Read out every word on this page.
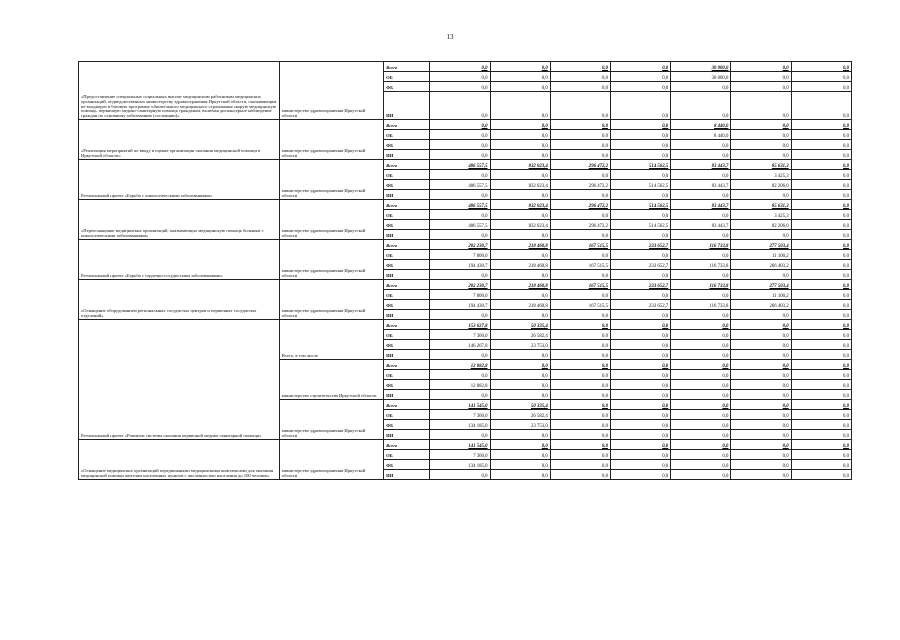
13
«Предоставление специальных социальных выплат медицинским работникам медицинских организаций, подведомственных министерству здравоохранения Иркутской области, оказывающим не входящую в базовую программу обязательного медицинского страхования скорую медицинскую помощь, первичную медико-санитарную помощь гражданам, включая диспансерное наблюдение граждан по основному заболеванию (состоянию)»	министерство здравоохранения Иркутской области	Всего	0,0	0,0	0,0	0,0	30 000,0	0,0	0,0
		ОБ	0,0	0,0	0,0	0,0	30 000,0	0,0	0,0
		ФБ	0,0	0,0	0,0	0,0	0,0	0,0	0,0
		ИИ	0,0	0,0	0,0	0,0	0,0	0,0	0,0
«Реализация мероприятий по вводу в оценке организации оказания медицинской помощи в Иркутской области»	министерство здравоохранения Иркутской области	Всего	0,0	0,0	0,0	0,0	8 440,0	0,0	0,0
		ОБ	0,0	0,0	0,0	0,0	8 440,0	0,0	0,0
		ФБ	0,0	0,0	0,0	0,0	0,0	0,0	0,0
		ИИ	0,0	0,0	0,0	0,0	0,0	0,0	0,0
Региональный проект «Борьба с онкологическими заболеваниями»	министерство здравоохранения Иркутской области	Всего	486 557,5	832 023,4	296 472,2	514 562,5	83 443,7	85 631,3	0,0
		ОБ	0,0	0,0	0,0	0,0	0,0	3 425,3	0,0
		ФБ	486 557,5	832 023,4	296 472,2	514 562,5	83 443,7	82 206,0	0,0
		ИИ	0,0	0,0	0,0	0,0	0,0	0,0	0,0
«Переоснащение медицинских организаций, оказывающих медицинскую помощь больным с онкологическими заболеваниями»	министерство здравоохранения Иркутской области	Всего	486 557,5	832 023,4	296 472,2	514 562,5	83 443,7	85 631,3	0,0
		ОБ	0,0	0,0	0,0	0,0	0,0	3 425,3	0,0
		ФБ	486 557,5	832 023,4	296 472,2	514 562,5	83 443,7	82 206,0	0,0
		ИИ	0,0	0,0	0,0	0,0	0,0	0,0	0,0
Региональный проект «Борьба с сердечно-сосудистыми заболеваниями»	министерство здравоохранения Иркутской области	Всего	202 230,7	218 460,8	167 515,5	233 652,7	116 733,8	277 503,4	0,0
		ОБ	7 800,0	0,0	0,0	0,0	0,0	11 100,2	0,0
		ФБ	194 430,7	218 460,8	167 515,5	233 652,7	116 733,8	266 403,2	0,0
		ИИ	0,0	0,0	0,0	0,0	0,0	0,0	0,0
«Оснащение оборудованием региональных сосудистых центров и первичных сосудистых отделений»	министерство здравоохранения Иркутской области	Всего	202 230,7	218 460,8	167 515,5	233 652,7	116 733,8	277 503,4	0,0
		ОБ	7 800,0	0,0	0,0	0,0	0,0	11 100,2	0,0
		ФБ	194 430,7	218 460,8	167 515,5	233 652,7	116 733,8	266 403,2	0,0
		ИИ	0,0	0,0	0,0	0,0	0,0	0,0	0,0
Региональный проект «Развитие системы оказания первичной медико-санитарной помощи»	Всего, в том числе	Всего	153 627,8	50 335,4	0,0	0,0	0,0	0,0	0,0
		ОБ	7 360,0	26 582,4	0,0	0,0	0,0	0,0	0,0
		ФБ	146 267,8	23 753,0	0,0	0,0	0,0	0,0	0,0
		ИИ	0,0	0,0	0,0	0,0	0,0	0,0	0,0
	министерство строительства Иркутской области	Всего	12 082,8	0,0	0,0	0,0	0,0	0,0	0,0
		ОБ	0,0	0,0	0,0	0,0	0,0	0,0	0,0
		ФБ	12 082,8	0,0	0,0	0,0	0,0	0,0	0,0
		ИИ	0,0	0,0	0,0	0,0	0,0	0,0	0,0
	министерство здравоохранения Иркутской области	Всего	141 545,0	50 335,4	0,0	0,0	0,0	0,0	0,0
		ОБ	7 360,0	26 582,4	0,0	0,0	0,0	0,0	0,0
		ФБ	134 185,0	23 753,0	0,0	0,0	0,0	0,0	0,0
		ИИ	0,0	0,0	0,0	0,0	0,0	0,0	0,0
«Оснащение медицинских организаций передвижными медицинскими комплексами для оказания медицинской помощи жителям населенных пунктов с численностью населения до 100 человек»	министерство здравоохранения Иркутской области	Всего	141 545,0	0,0	0,0	0,0	0,0	0,0	0,0
		ОБ	7 360,0	0,0	0,0	0,0	0,0	0,0	0,0
		ФБ	134 185,0	0,0	0,0	0,0	0,0	0,0	0,0
		ИИ	0,0	0,0	0,0	0,0	0,0	0,0	0,0
